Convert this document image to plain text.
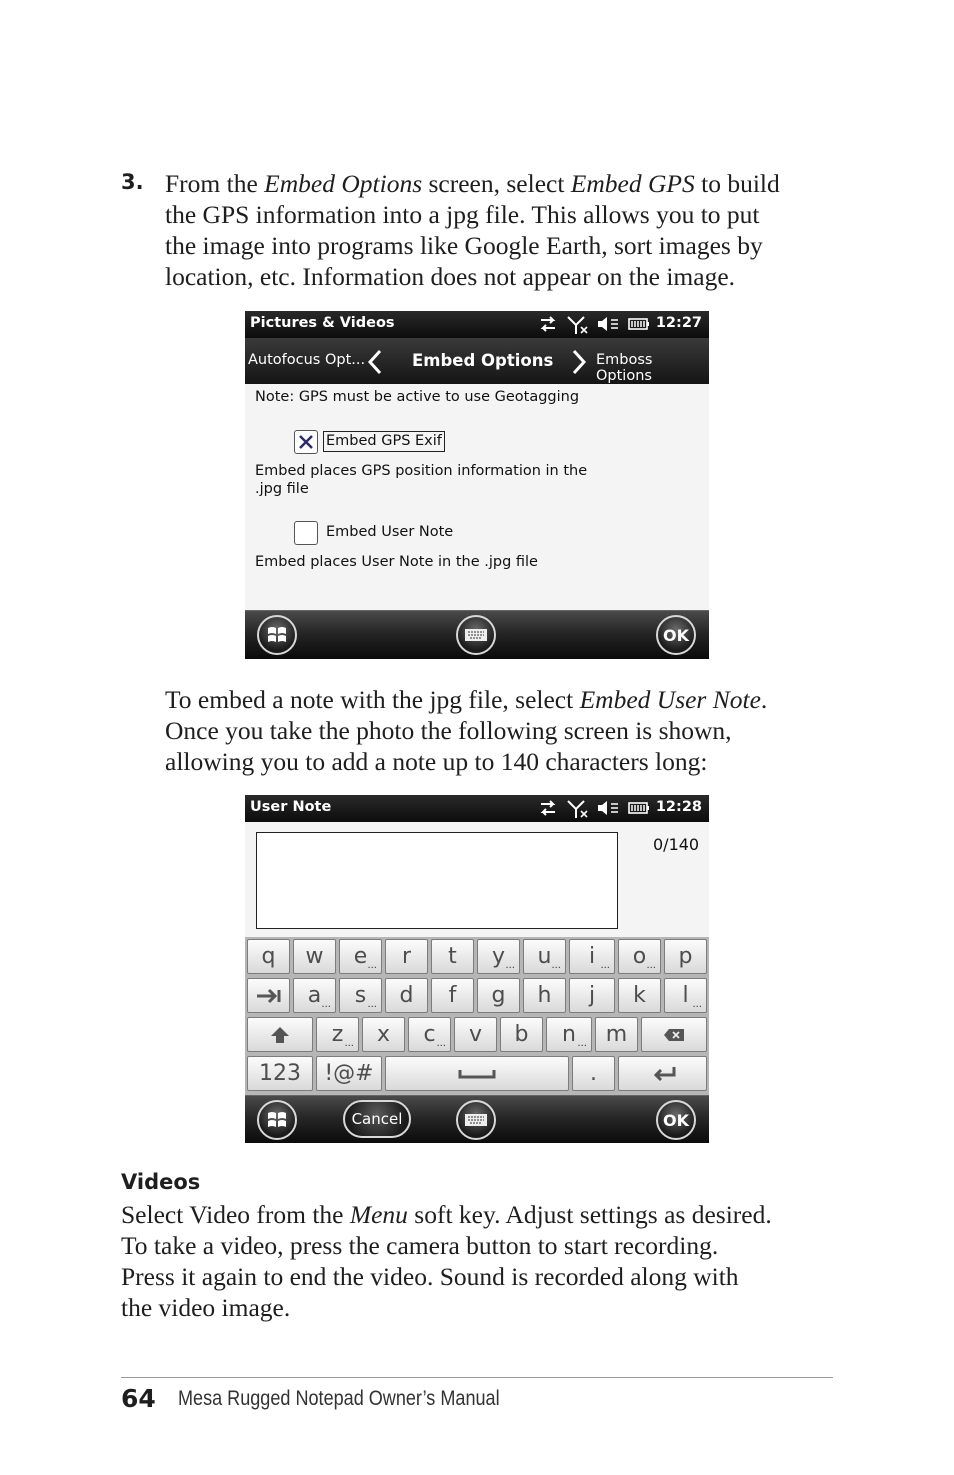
3. From the Embed Options screen, select Embed GPS to build
the GPS information into a jpg file. This allows you to put
the image into programs like Google Earth, sort images by
location, etc. Information does not appear on the image.
Pictures & Videos	12:27
Autofocus Opt...	Embed Options	Emboss Options
Note: GPS must be active to use Geotagging
Embed GPS Exif
Embed places GPS position information in the
.jpg file
Embed User Note
Embed places User Note in the .jpg file
OK
To embed a note with the jpg file, select Embed User Note.
Once you take the photo the following screen is shown,
allowing you to add a note up to 140 characters long:
User Note	12:28
0/140
q w e ... r t y ... u ... i ... o ... p
a ... s ... d f g h j k l ...
z ... x c ... v b n ... m
123 !@#	.
Cancel	OK
Videos
Select Video from the Menu soft key. Adjust settings as desired.
To take a video, press the camera button to start recording.
Press it again to end the video. Sound is recorded along with
the video image.
64 Mesa Rugged Notepad Owner’s Manual
